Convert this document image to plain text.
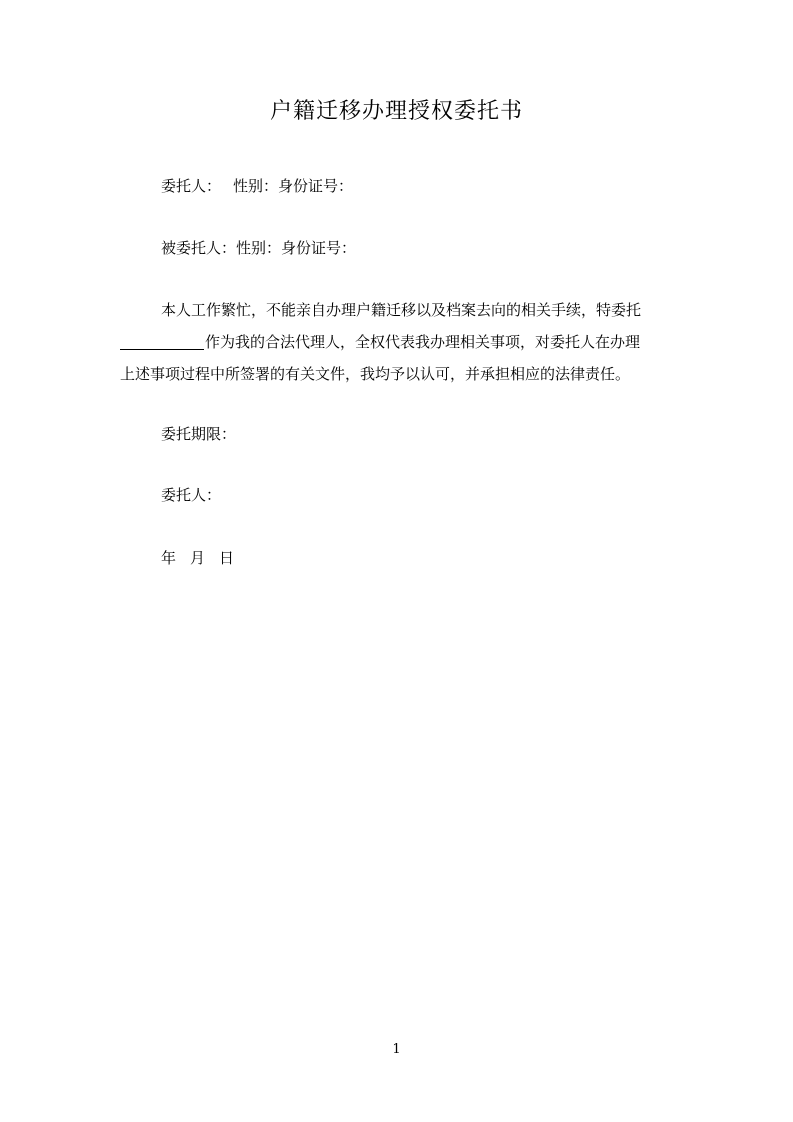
户籍迁移办理授权委托书

委托人： 性别：身份证号：

被委托人：性别：身份证号：

本人工作繁忙，不能亲自办理户籍迁移以及档案去向的相关手续，特委托
作为我的合法代理人，全权代表我办理相关事项，对委托人在办理
上述事项过程中所签署的有关文件，我均予以认可，并承担相应的法律责任。

委托期限：

委托人：

年 月 日

1
